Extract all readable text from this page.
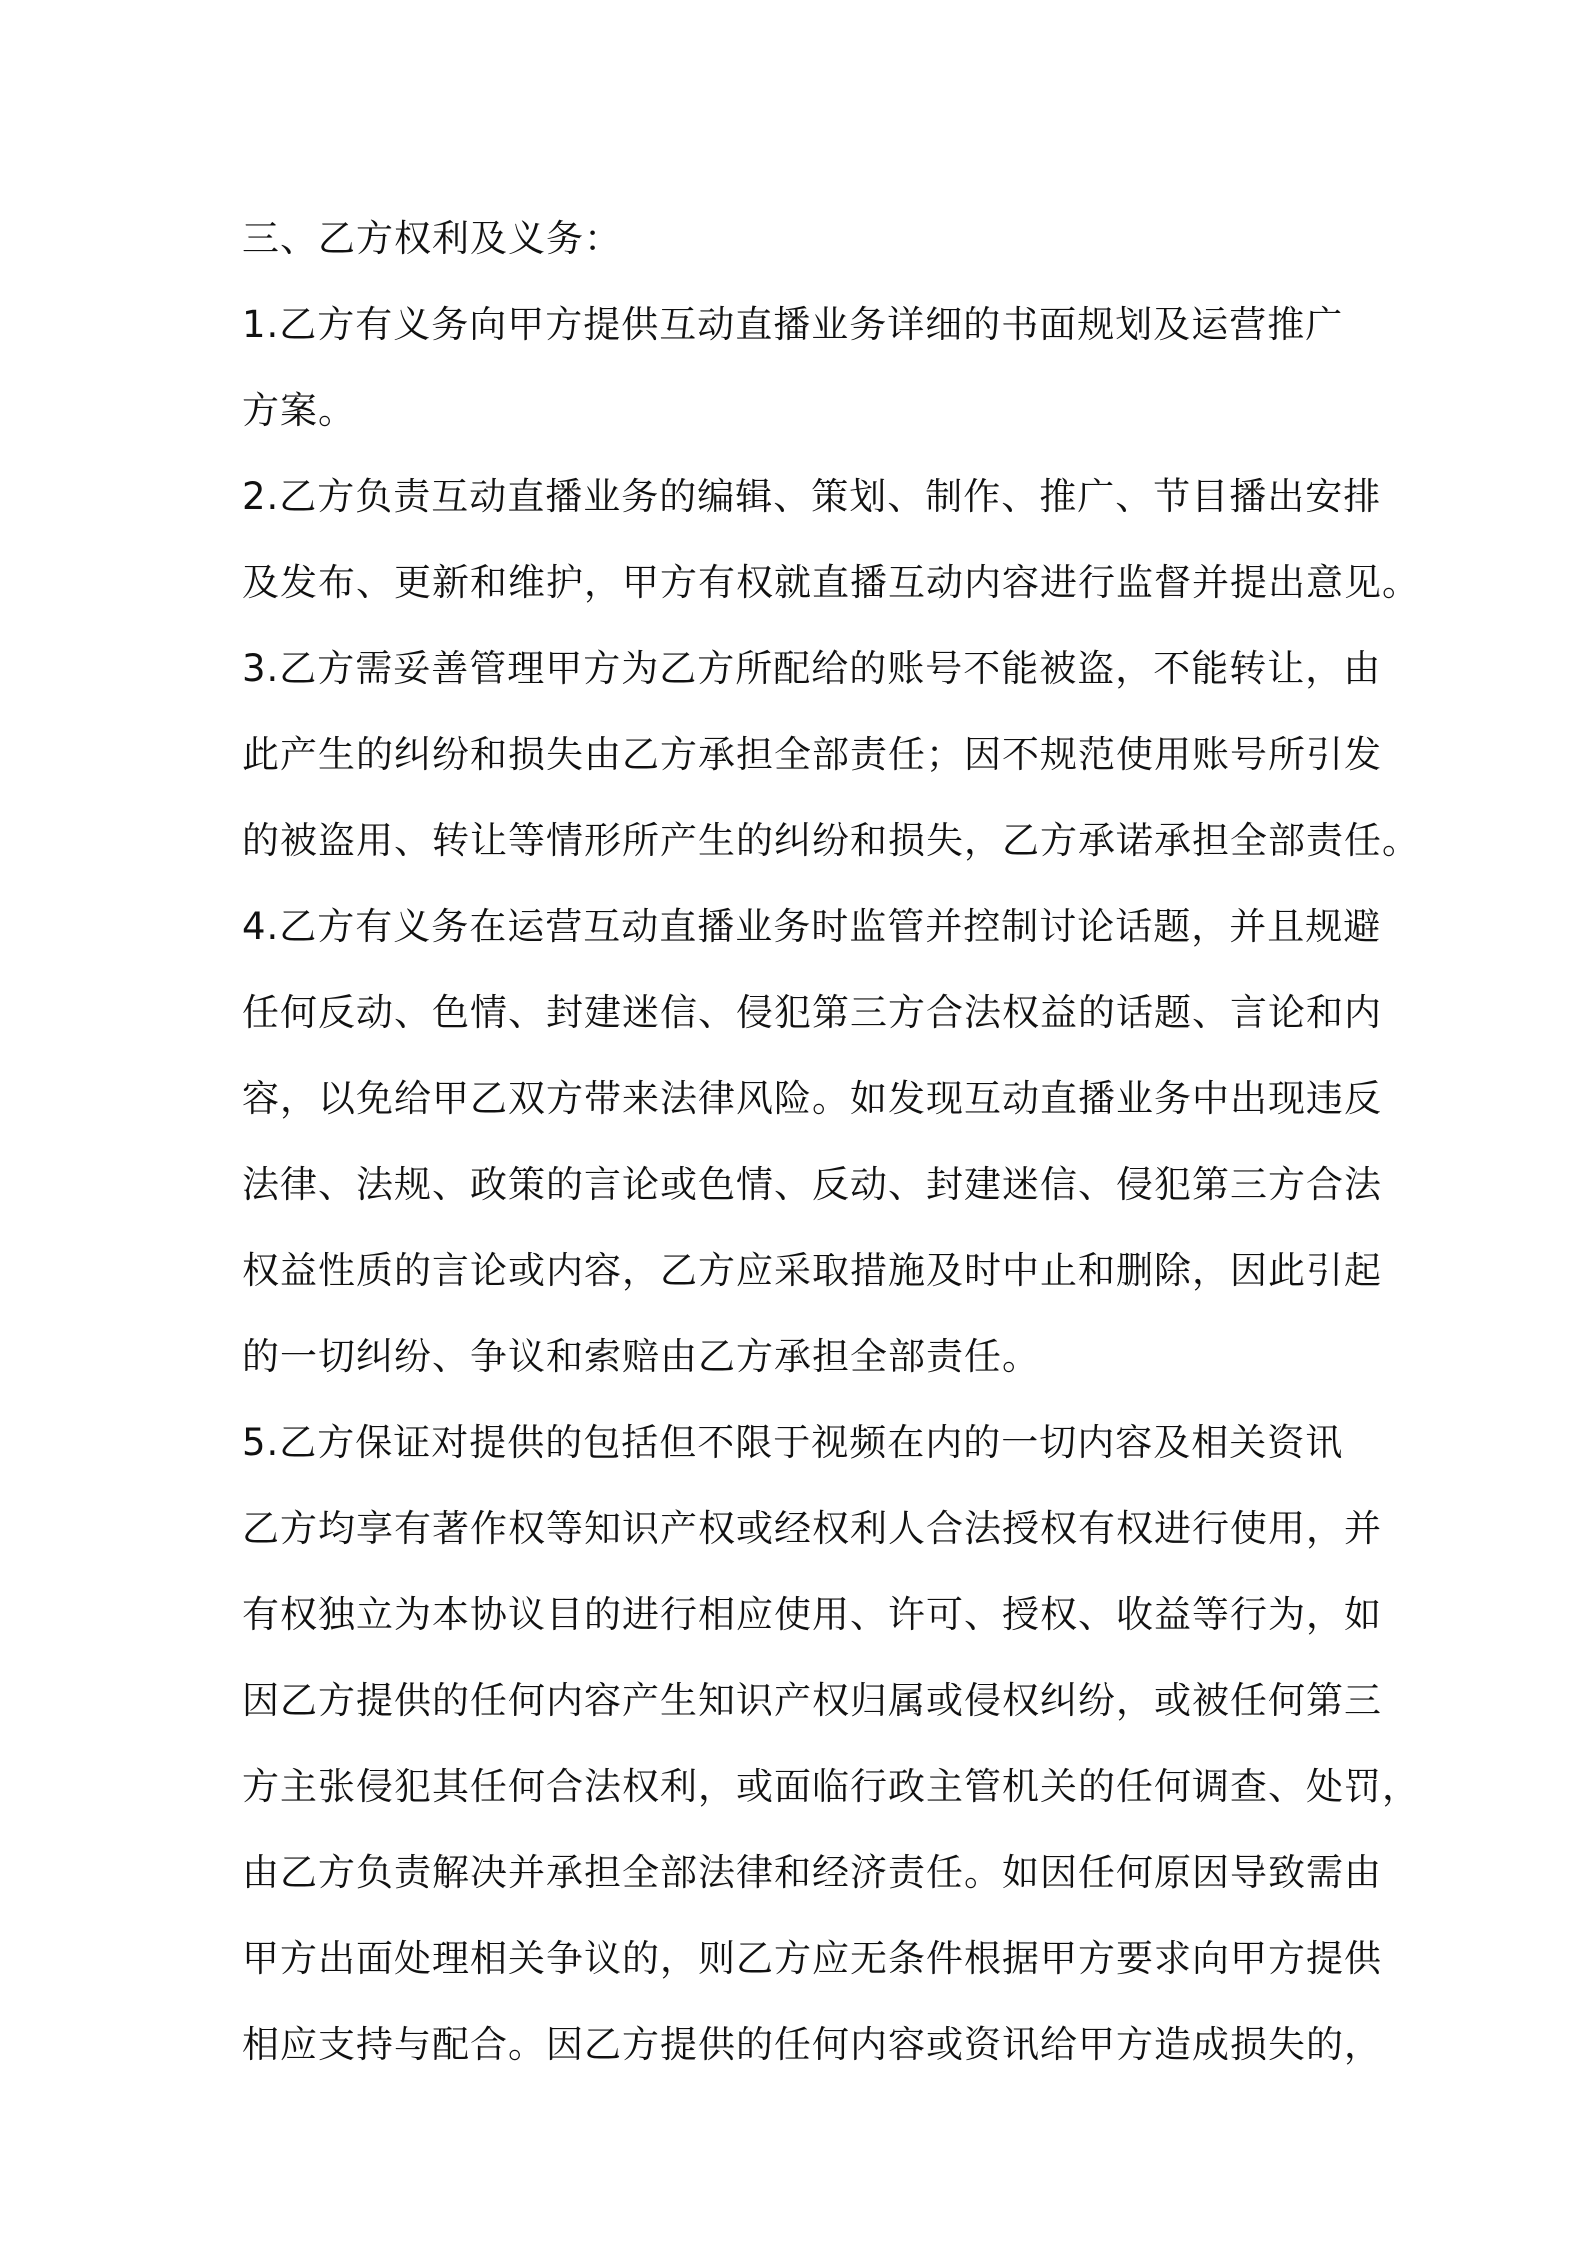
三、乙方权利及义务：

1.乙方有义务向甲方提供互动直播业务详细的书面规划及运营推广
方案。
2.乙方负责互动直播业务的编辑、策划、制作、推广、节目播出安排
及发布、更新和维护，甲方有权就直播互动内容进行监督并提出意见。
3.乙方需妥善管理甲方为乙方所配给的账号不能被盗，不能转让，由
此产生的纠纷和损失由乙方承担全部责任；因不规范使用账号所引发
的被盗用、转让等情形所产生的纠纷和损失，乙方承诺承担全部责任。
4.乙方有义务在运营互动直播业务时监管并控制讨论话题，并且规避
任何反动、色情、封建迷信、侵犯第三方合法权益的话题、言论和内
容，以免给甲乙双方带来法律风险。如发现互动直播业务中出现违反
法律、法规、政策的言论或色情、反动、封建迷信、侵犯第三方合法
权益性质的言论或内容，乙方应采取措施及时中止和删除，因此引起
的一切纠纷、争议和索赔由乙方承担全部责任。
5.乙方保证对提供的包括但不限于视频在内的一切内容及相关资讯
乙方均享有著作权等知识产权或经权利人合法授权有权进行使用，并
有权独立为本协议目的进行相应使用、许可、授权、收益等行为，如
因乙方提供的任何内容产生知识产权归属或侵权纠纷，或被任何第三
方主张侵犯其任何合法权利，或面临行政主管机关的任何调查、处罚，
由乙方负责解决并承担全部法律和经济责任。如因任何原因导致需由
甲方出面处理相关争议的，则乙方应无条件根据甲方要求向甲方提供
相应支持与配合。因乙方提供的任何内容或资讯给甲方造成损失的，
